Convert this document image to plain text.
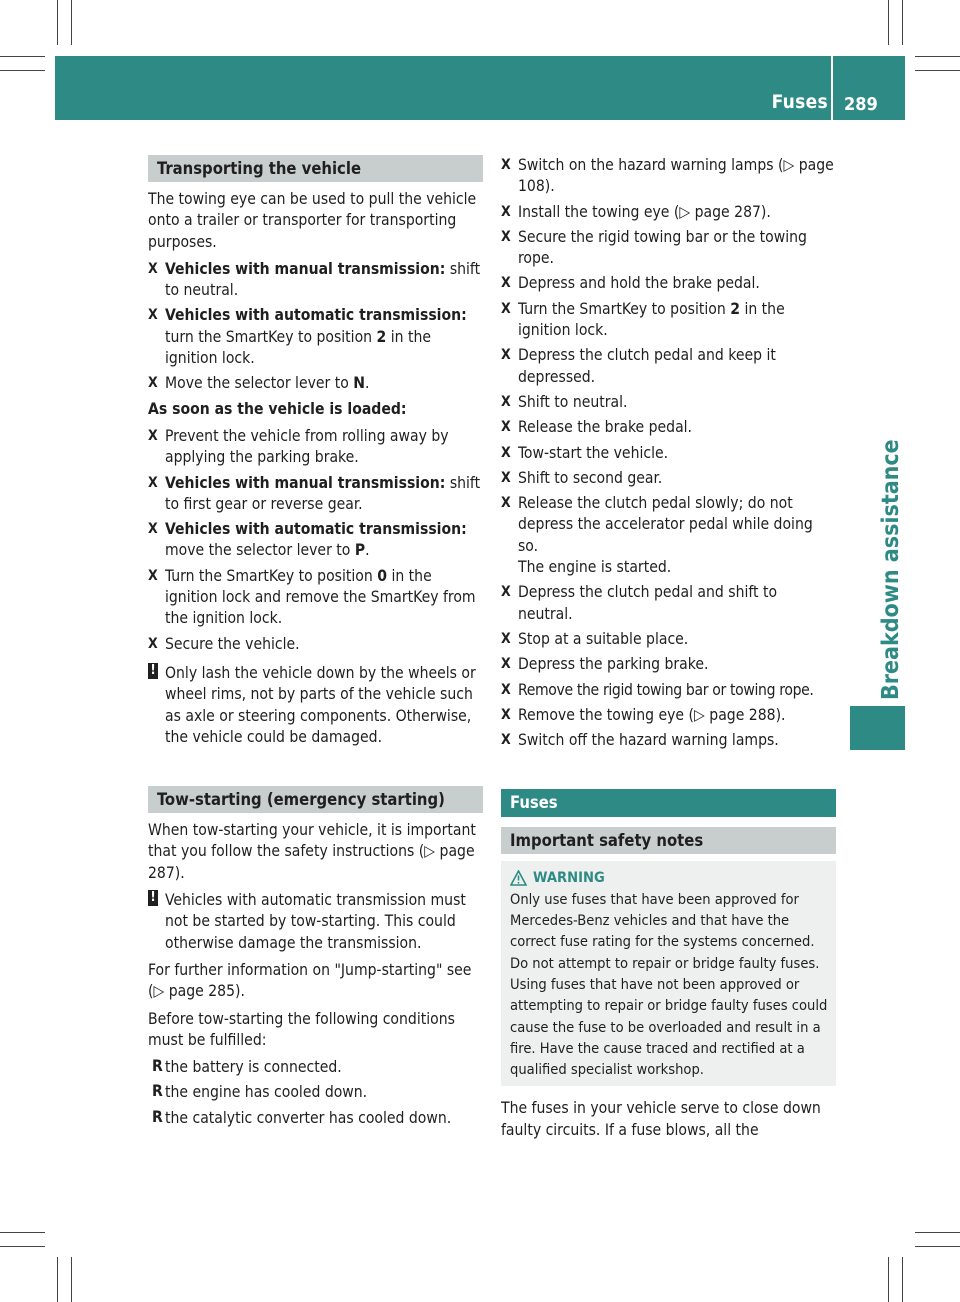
Fuses 289
Breakdown assistance
Transporting the vehicle

The towing eye can be used to pull the vehicle onto a trailer or transporter for transporting purposes.

X Vehicles with manual transmission: shift to neutral.
X Vehicles with automatic transmission: turn the SmartKey to position 2 in the ignition lock.
X Move the selector lever to N.
As soon as the vehicle is loaded:
X Prevent the vehicle from rolling away by applying the parking brake.
X Vehicles with manual transmission: shift to first gear or reverse gear.
X Vehicles with automatic transmission: move the selector lever to P.
X Turn the SmartKey to position 0 in the ignition lock and remove the SmartKey from the ignition lock.
X Secure the vehicle.
! Only lash the vehicle down by the wheels or wheel rims, not by parts of the vehicle such as axle or steering components. Otherwise, the vehicle could be damaged.
Tow-starting (emergency starting)

When tow-starting your vehicle, it is important that you follow the safety instructions (▷ page 287).

! Vehicles with automatic transmission must not be started by tow-starting. This could otherwise damage the transmission.

For further information on "Jump-starting" see (▷ page 285).

Before tow-starting the following conditions must be fulfilled:

R the battery is connected.
R the engine has cooled down.
R the catalytic converter has cooled down.
X Switch on the hazard warning lamps (▷ page 108).
X Install the towing eye (▷ page 287).
X Secure the rigid towing bar or the towing rope.
X Depress and hold the brake pedal.
X Turn the SmartKey to position 2 in the ignition lock.
X Depress the clutch pedal and keep it depressed.
X Shift to neutral.
X Release the brake pedal.
X Tow-start the vehicle.
X Shift to second gear.
X Release the clutch pedal slowly; do not depress the accelerator pedal while doing so.
The engine is started.
X Depress the clutch pedal and shift to neutral.
X Stop at a suitable place.
X Depress the parking brake.
X Remove the rigid towing bar or towing rope.
X Remove the towing eye (▷ page 288).
X Switch off the hazard warning lamps.
Fuses
Important safety notes
WARNING
Only use fuses that have been approved for Mercedes-Benz vehicles and that have the correct fuse rating for the systems concerned. Do not attempt to repair or bridge faulty fuses. Using fuses that have not been approved or attempting to repair or bridge faulty fuses could cause the fuse to be overloaded and result in a fire. Have the cause traced and rectified at a qualified specialist workshop.

The fuses in your vehicle serve to close down faulty circuits. If a fuse blows, all the
